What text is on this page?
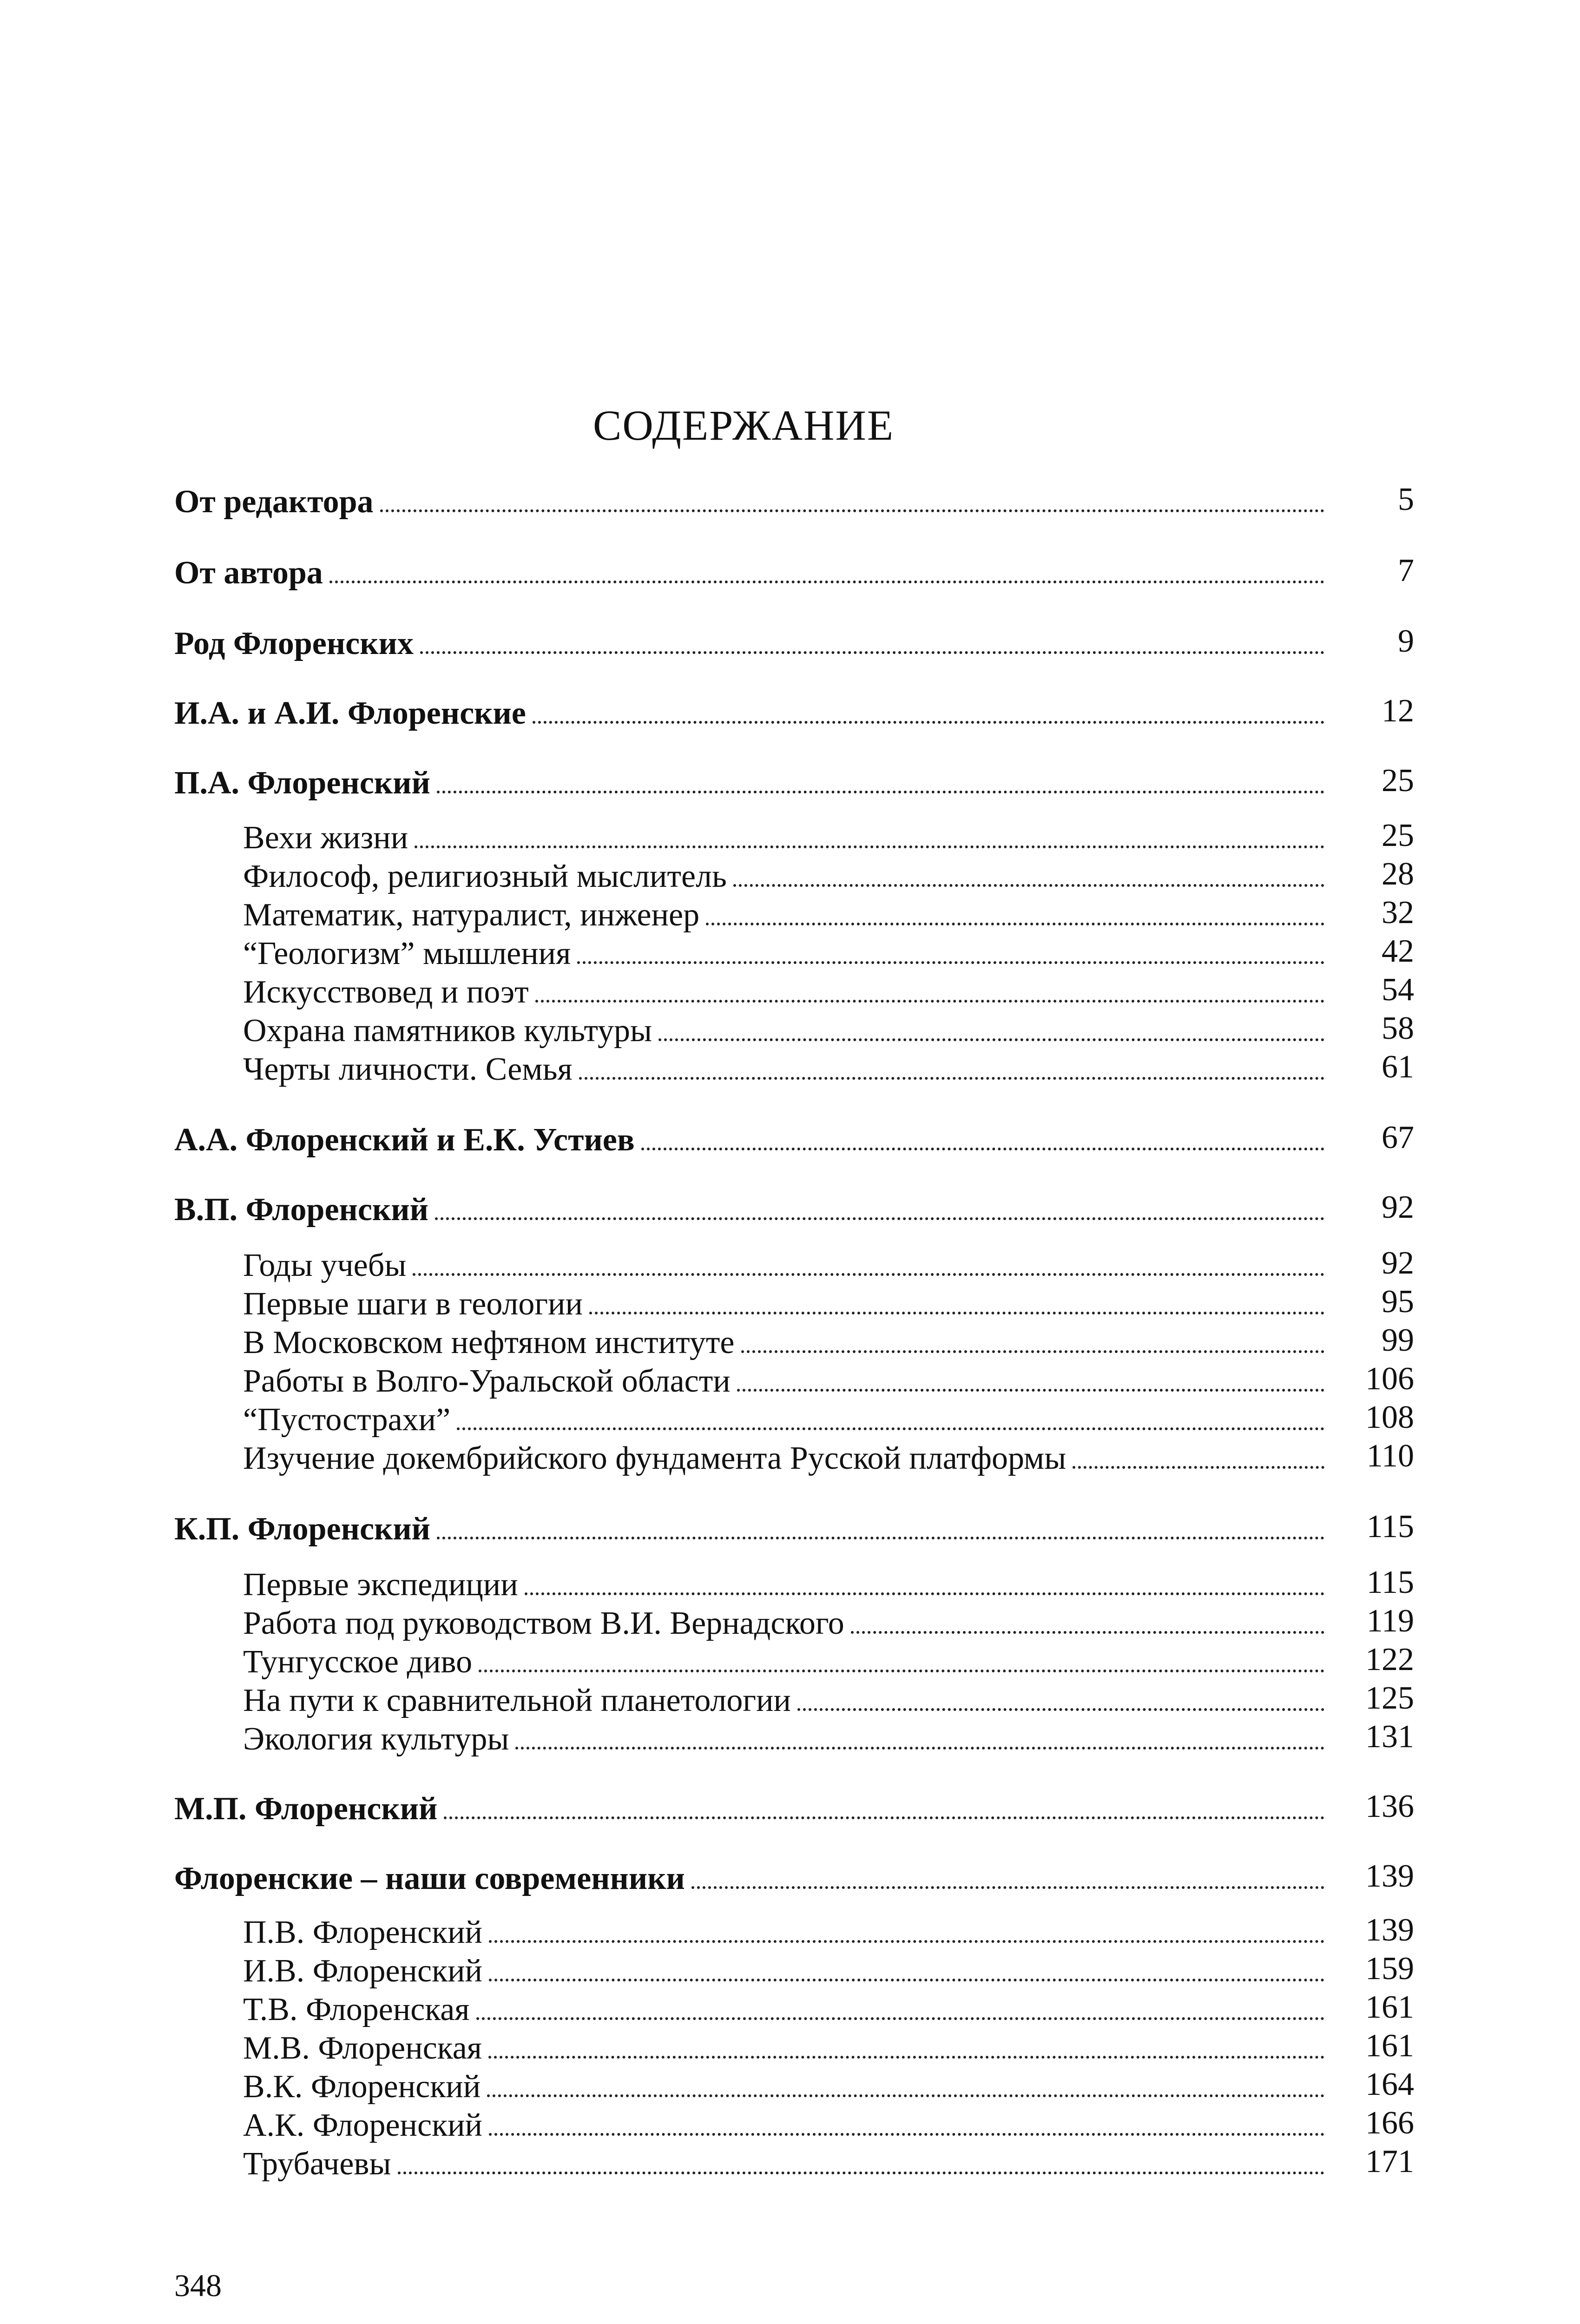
СОДЕРЖАНИЕ
От редактора	5
От автора	7
Род Флоренских	9
И.А. и А.И. Флоренские	12
П.А. Флоренский	25
Вехи жизни	25
Философ, религиозный мыслитель	28
Математик, натуралист, инженер	32
“Геологизм” мышления	42
Искусствовед и поэт	54
Охрана памятников культуры	58
Черты личности. Семья	61
А.А. Флоренский и Е.К. Устиев	67
В.П. Флоренский	92
Годы учебы	92
Первые шаги в геологии	95
В Московском нефтяном институте	99
Работы в Волго-Уральской области	106
“Пустострахи”	108
Изучение докембрийского фундамента Русской платформы	110
К.П. Флоренский	115
Первые экспедиции	115
Работа под руководством В.И. Вернадского	119
Тунгусское диво	122
На пути к сравнительной планетологии	125
Экология культуры	131
М.П. Флоренский	136
Флоренские – наши современники	139
П.В. Флоренский	139
И.В. Флоренский	159
Т.В. Флоренская	161
М.В. Флоренская	161
В.К. Флоренский	164
А.К. Флоренский	166
Трубачевы	171
348
